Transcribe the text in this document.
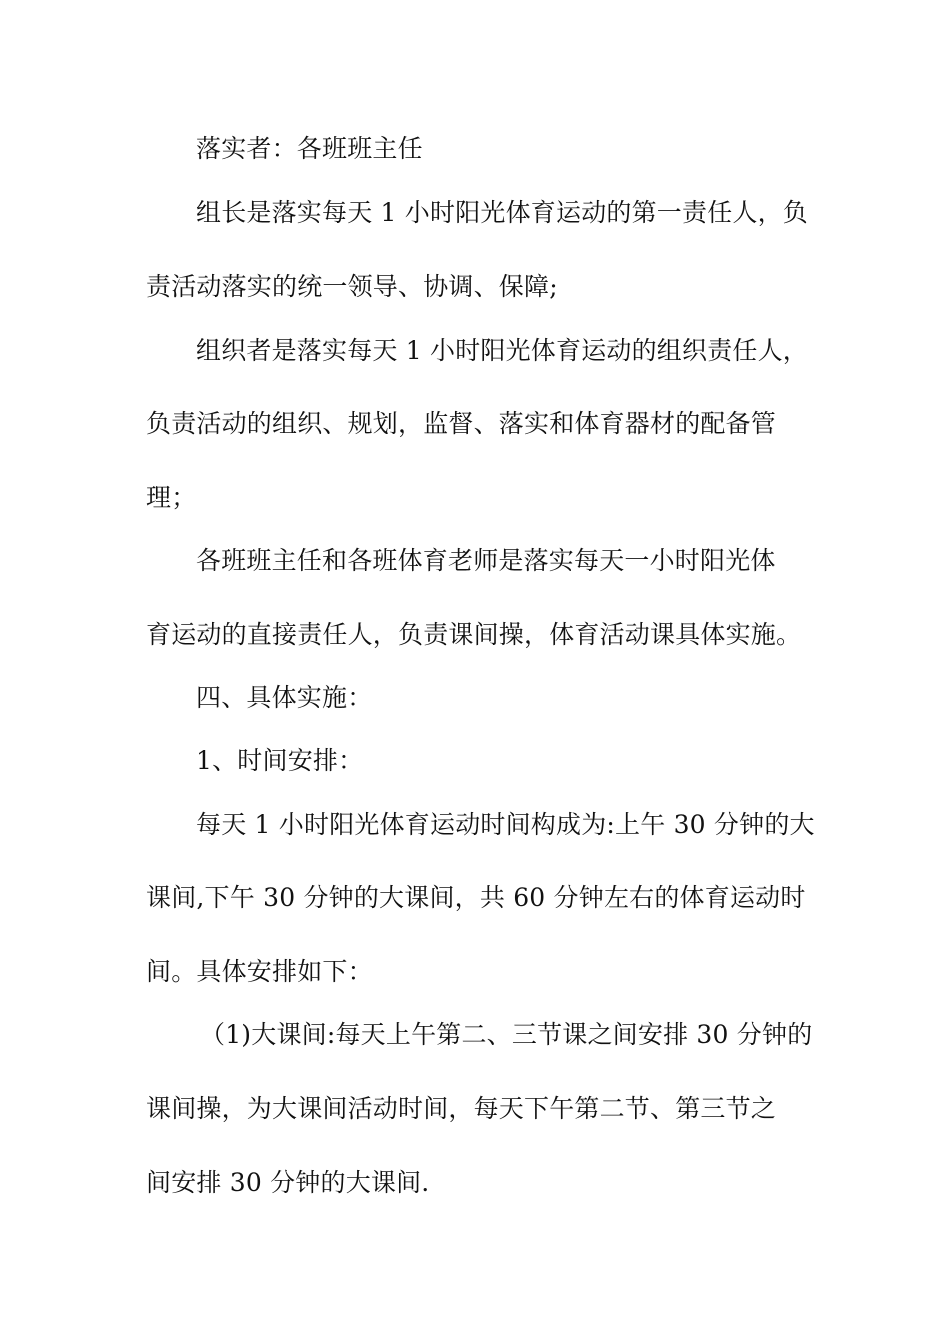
落实者：各班班主任
组长是落实每天 1 小时阳光体育运动的第一责任人，负
责活动落实的统一领导、协调、保障;
组织者是落实每天 1 小时阳光体育运动的组织责任人，
负责活动的组织、规划，监督、落实和体育器材的配备管
理；
各班班主任和各班体育老师是落实每天一小时阳光体
育运动的直接责任人，负责课间操，体育活动课具体实施。
四、具体实施：
1、时间安排：
每天 1 小时阳光体育运动时间构成为:上午 30 分钟的大
课间,下午 30 分钟的大课间，共 60 分钟左右的体育运动时
间。具体安排如下：
（1)大课间:每天上午第二、三节课之间安排 30 分钟的
课间操，为大课间活动时间，每天下午第二节、第三节之
间安排 30 分钟的大课间.
